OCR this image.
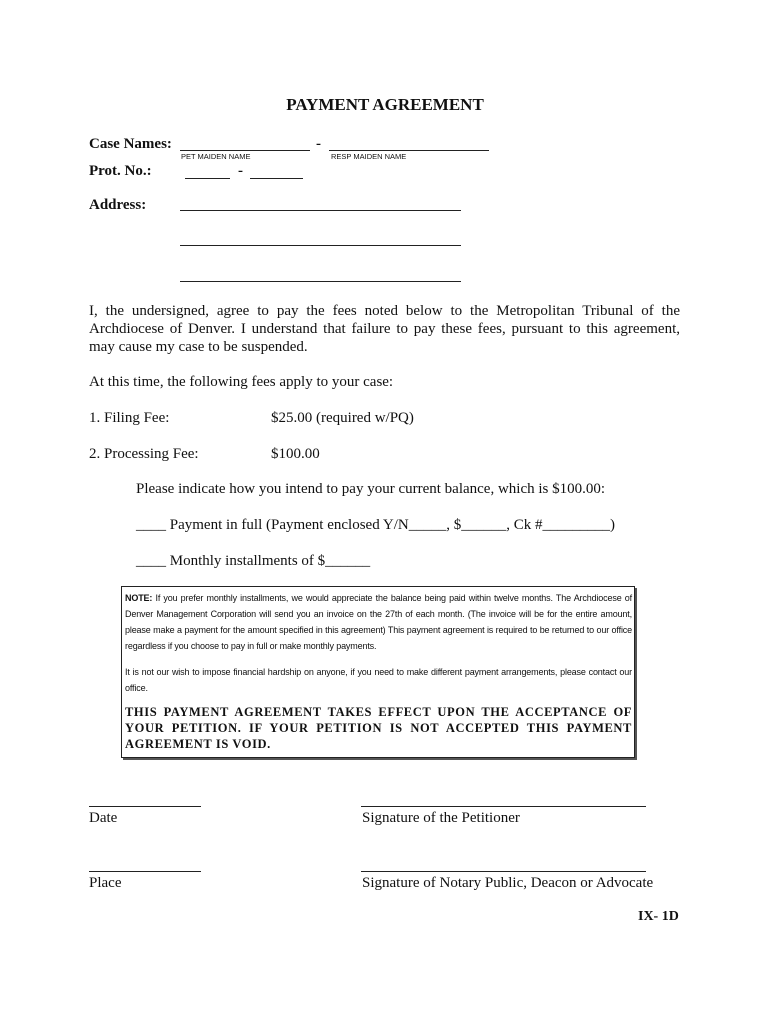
PAYMENT AGREEMENT
Case Names:	-
PET MAIDEN NAME	RESP MAIDEN NAME
Prot. No.:	-
Address:
I, the undersigned, agree to pay the fees noted below to the Metropolitan Tribunal of the Archdiocese of Denver. I understand that failure to pay these fees, pursuant to this agreement, may cause my case to be suspended.
At this time, the following fees apply to your case:
1. Filing Fee:	$25.00 (required w/PQ)
2. Processing Fee:	$100.00
Please indicate how you intend to pay your current balance, which is $100.00:
____ Payment in full (Payment enclosed Y/N_____, $______, Ck #_________)
____ Monthly installments of $______
NOTE: If you prefer monthly installments, we would appreciate the balance being paid within twelve months. The Archdiocese of Denver Management Corporation will send you an invoice on the 27th of each month. (The invoice will be for the entire amount, please make a payment for the amount specified in this agreement) This payment agreement is required to be returned to our office regardless if you choose to pay in full or make monthly payments.
It is not our wish to impose financial hardship on anyone, if you need to make different payment arrangements, please contact our office.
THIS PAYMENT AGREEMENT TAKES EFFECT UPON THE ACCEPTANCE OF YOUR PETITION. IF YOUR PETITION IS NOT ACCEPTED THIS PAYMENT AGREEMENT IS VOID.
Date	Signature of the Petitioner
Place	Signature of Notary Public, Deacon or Advocate
IX- 1D
